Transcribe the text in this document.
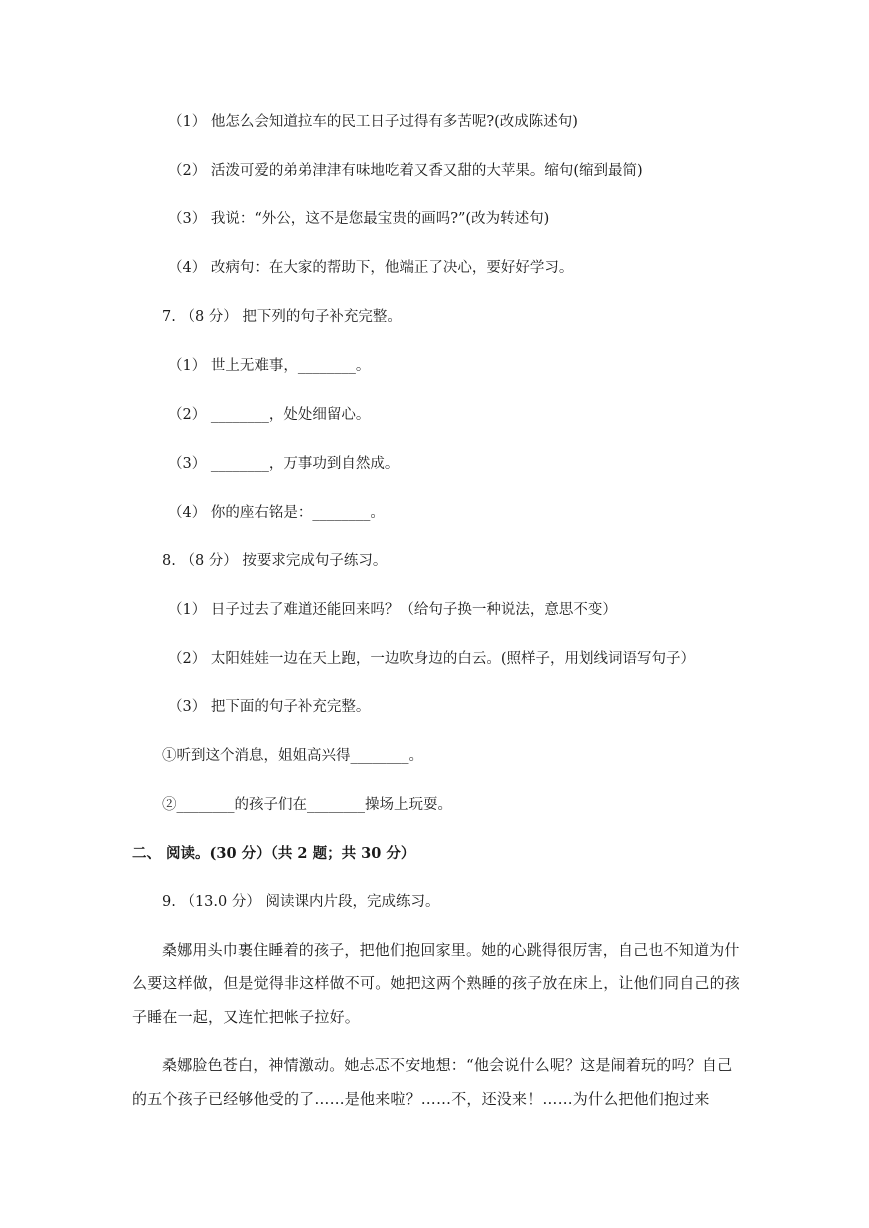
（1） 他怎么会知道拉车的民工日子过得有多苦呢?(改成陈述句)
（2） 活泼可爱的弟弟津津有味地吃着又香又甜的大苹果。缩句(缩到最简)
（3） 我说：“外公，这不是您最宝贵的画吗?”(改为转述句)
（4） 改病句：在大家的帮助下，他端正了决心，要好好学习。
7. （8 分） 把下列的句子补充完整。
（1） 世上无难事，________。
（2） ________，处处细留心。
（3） ________，万事功到自然成。
（4） 你的座右铭是：________。
8. （8 分） 按要求完成句子练习。
（1） 日子过去了难道还能回来吗？（给句子换一种说法，意思不变）
（2） 太阳娃娃一边在天上跑，一边吹身边的白云。(照样子，用划线词语写句子）
（3） 把下面的句子补充完整。
①听到这个消息，姐姐高兴得________。
②________的孩子们在________操场上玩耍。
二、 阅读。(30 分）（共 2 题；共 30 分）
9. （13.0 分） 阅读课内片段，完成练习。
桑娜用头巾裹住睡着的孩子，把他们抱回家里。她的心跳得很厉害，自己也不知道为什
么要这样做，但是觉得非这样做不可。她把这两个熟睡的孩子放在床上，让他们同自己的孩
子睡在一起，又连忙把帐子拉好。
桑娜脸色苍白，神情激动。她忐忑不安地想：“他会说什么呢？这是闹着玩的吗？自己
的五个孩子已经够他受的了……是他来啦？……不，还没来！……为什么把他们抱过来
